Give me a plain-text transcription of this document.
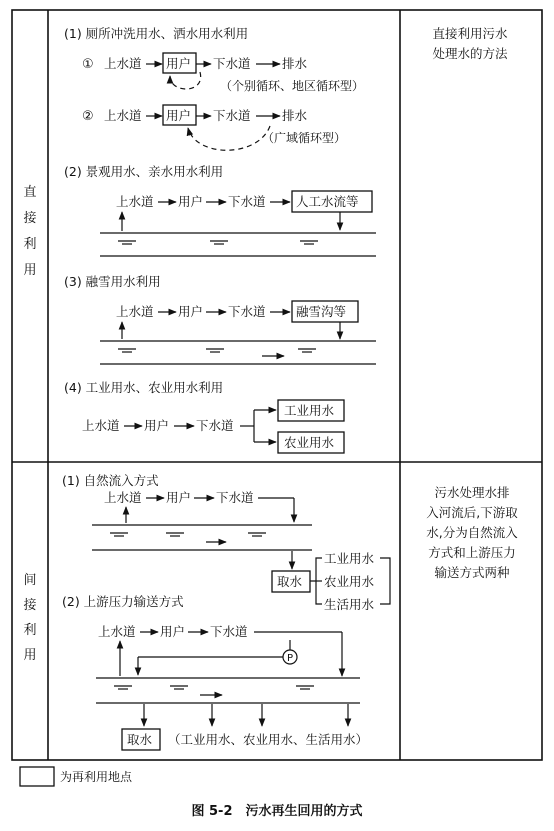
直
接
利
用
间
接
利
用
直接利用污水
处理水的方法
污水处理水排
入河流后,下游取
水,分为自然流入
方式和上游压力
输送方式两种
(1) 厕所冲洗用水、洒水用水利用
① 上水道 用户 下水道	排水
（个别循环、地区循环型）
② 上水道 用户 下水道	排水
（广域循环型）
(2) 景观用水、亲水用水利用
上水道 用户 下水道 人工水流等
(3) 融雪用水利用
上水道 用户 下水道 融雪沟等
(4) 工业用水、农业用水利用
上水道 用户 下水道
工业用水
农业用水
(1) 自然流入方式
上水道 用户 下水道
取水
工业用水
农业用水
生活用水
(2) 上游压力输送方式
上水道 用户 下水道
P
取水 （工业用水、农业用水、生活用水）
为再利用地点
图 5-2　污水再生回用的方式
